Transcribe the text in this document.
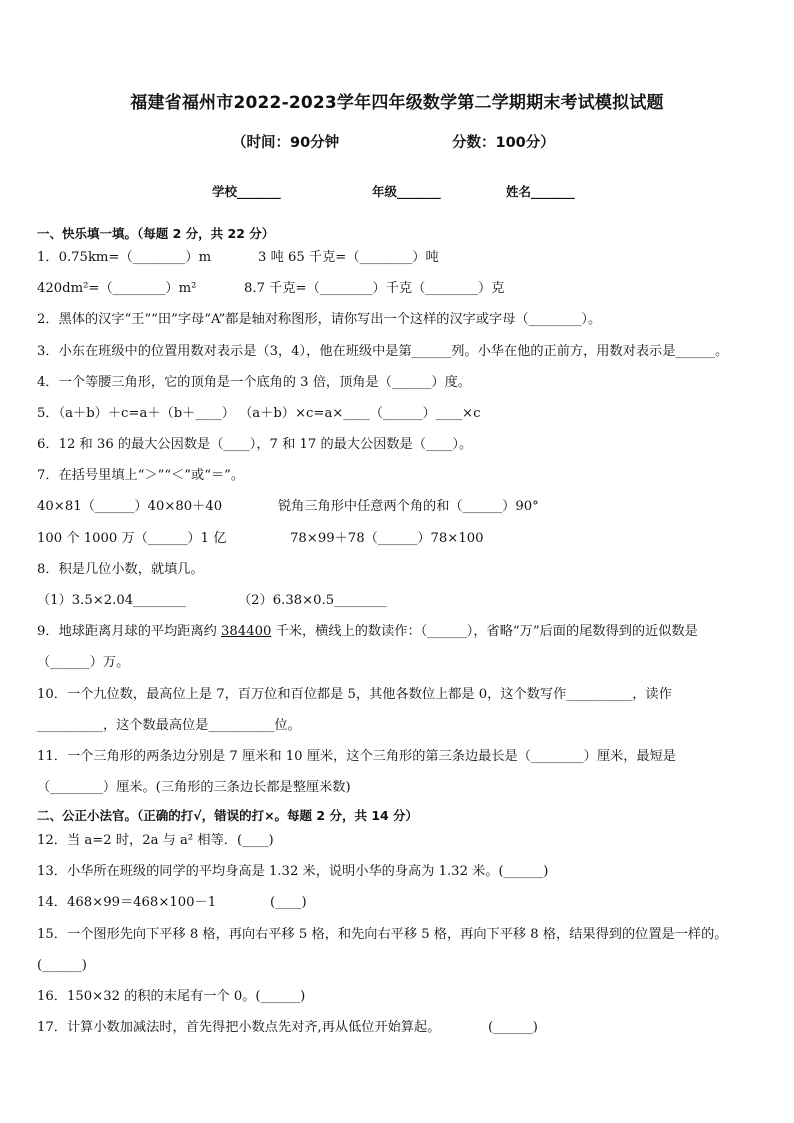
福建省福州市2022-2023学年四年级数学第二学期期末考试模拟试题
（时间：90分钟	分数：100分）
学校_______	年级_______	姓名_______
一、快乐填一填。（每题 2 分，共 22 分）
1．0.75km=（________）m	3 吨 65 千克=（________）吨
420dm²=（________）m²	8.7 千克=（________）千克（________）克
2．黑体的汉字“王”“田”字母“A”都是轴对称图形，请你写出一个这样的汉字或字母（________）。
3．小东在班级中的位置用数对表示是（3，4），他在班级中是第______列。小华在他的正前方，用数对表示是______。
4．一个等腰三角形，它的顶角是一个底角的 3 倍，顶角是（______）度。
5．（a＋b）＋c=a＋（b＋____） （a＋b）×c=a×____（______）____×c
6．12 和 36 的最大公因数是（____），7 和 17 的最大公因数是（____）。
7．在括号里填上“＞”“＜”或“＝”。
40×81（______）40×80＋40	锐角三角形中任意两个角的和（______）90°
100 个 1000 万（______）1 亿	78×99＋78（______）78×100
8．积是几位小数，就填几。
（1）3.5×2.04________	（2）6.38×0.5________
9．地球距离月球的平均距离约 384400 千米，横线上的数读作：（______），省略“万”后面的尾数得到的近似数是
（______）万。
10．一个九位数，最高位上是 7，百万位和百位都是 5，其他各数位上都是 0，这个数写作__________，读作
__________，这个数最高位是__________位。
11．一个三角形的两条边分别是 7 厘米和 10 厘米，这个三角形的第三条边最长是（________）厘米，最短是
（________）厘米。(三角形的三条边长都是整厘米数)
二、公正小法官。（正确的打√，错误的打×。每题 2 分，共 14 分）
12．当 a=2 时，2a 与 a² 相等．(____)
13．小华所在班级的同学的平均身高是 1.32 米，说明小华的身高为 1.32 米。(______)
14．468×99＝468×100－1	(____)
15．一个图形先向下平移 8 格，再向右平移 5 格，和先向右平移 5 格，再向下平移 8 格，结果得到的位置是一样的。
(______)
16．150×32 的积的末尾有一个 0。(______)
17．计算小数加减法时，首先得把小数点先对齐,再从低位开始算起。	(______)
